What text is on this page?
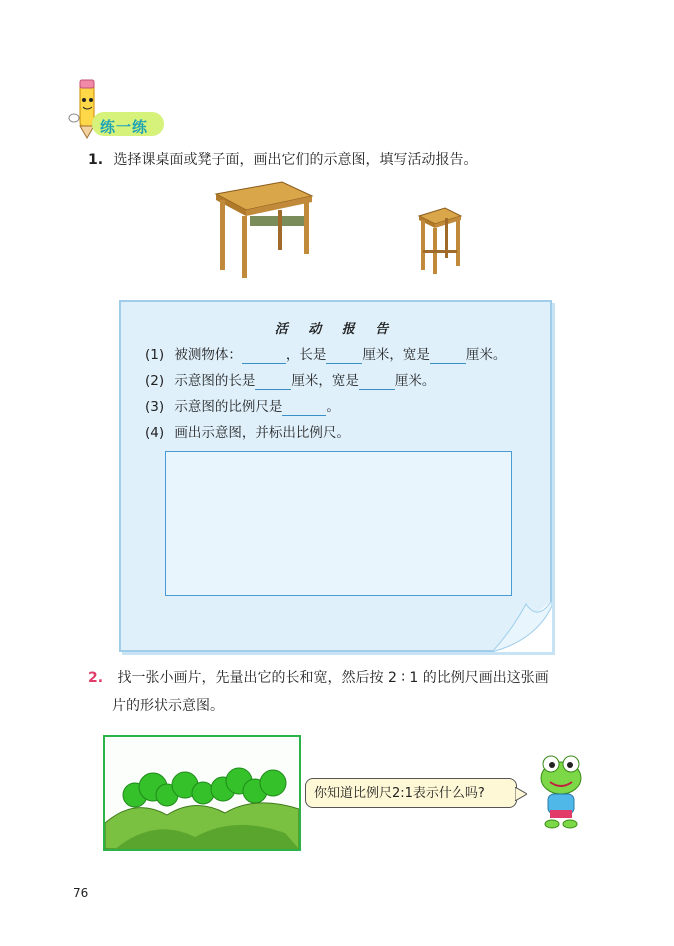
练一练
1. 选择课桌面或凳子面，画出它们的示意图，填写活动报告。
活 动 报 告
(1) 被测物体：	，长是	厘米，宽是	厘米。
(2) 示意图的长是	厘米，宽是	厘米。
(3) 示意图的比例尺是	。
(4) 画出示意图，并标出比例尺。
2. 找一张小画片，先量出它的长和宽，然后按 2 ∶ 1 的比例尺画出这张画
片的形状示意图。
你知道比例尺2:1表示什么吗?
76
